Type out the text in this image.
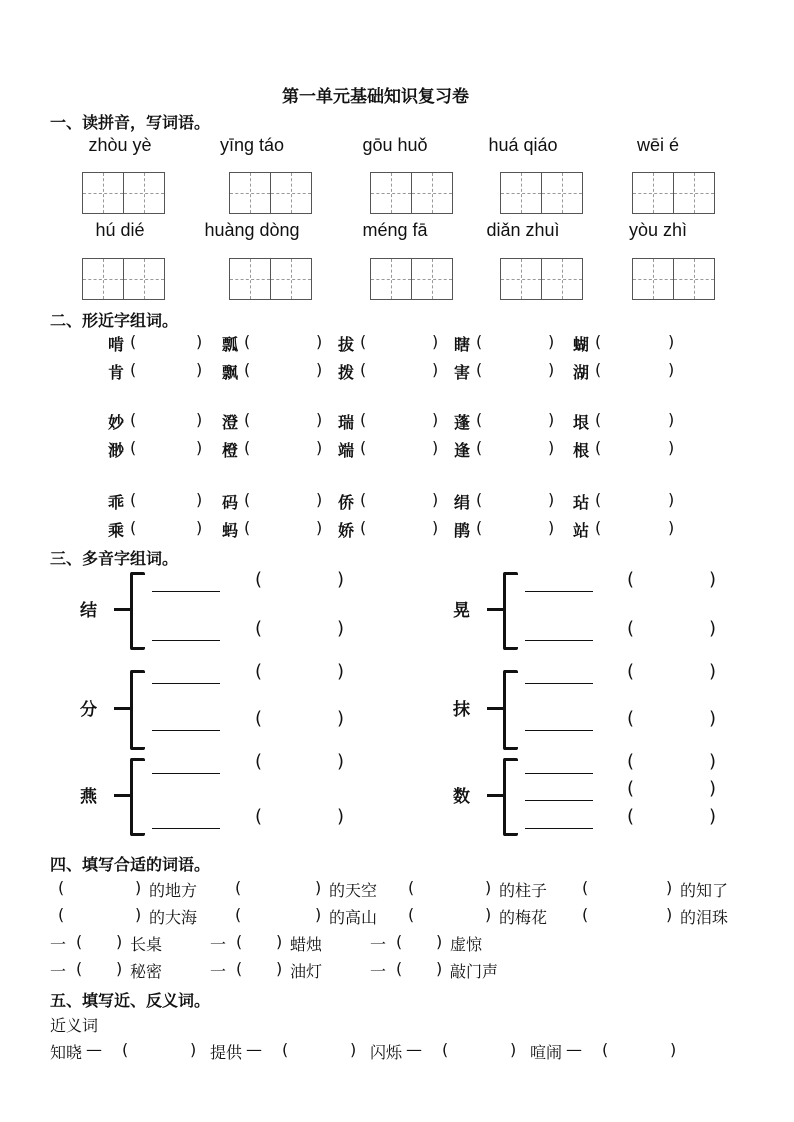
第一单元基础知识复习卷
一、读拼音，写词语。
zhòu yè	yīng táo	gōu huǒ	huá qiáo	wēi é
hú dié	huàng dòng	méng fā	diǎn zhuì	yòu zhì
二、形近字组词。
啃 (	) 瓢 (	) 拔 (	) 瞎 (	) 蝴 (	)
肯 (	) 飘 (	) 拨 (	) 害 (	) 湖 (	)
妙 (	) 澄 (	) 瑞 (	) 蓬 (	) 垠 (	)
渺 (	) 橙 (	) 端 (	) 逢 (	) 根 (	)
乖 (	) 码 (	) 侨 (	) 绢 (	) 玷 (	)
乘 (	) 蚂 (	) 娇 (	) 鹃 (	) 站 (	)
三、多音字组词。
结
(	)
(	)
分
(	)
(	)
燕
(	)
(	)
晃
(	)
(	)
抹
(	)
(	)
数
(	)
(	)
(	)
四、填写合适的词语。
(	) 的地方 (	) 的天空 (	) 的柱子 (	) 的知了
(	) 的大海 (	) 的高山 (	) 的梅花 (	) 的泪珠
一 ( ) 长桌	一 ( ) 蜡烛	一 ( ) 虚惊
一 ( ) 秘密	一 ( ) 油灯	一 ( ) 敲门声
五、填写近、反义词。
近义词
知晓 — (	) 提供 — (	) 闪烁 — (	) 喧闹 — (	)
